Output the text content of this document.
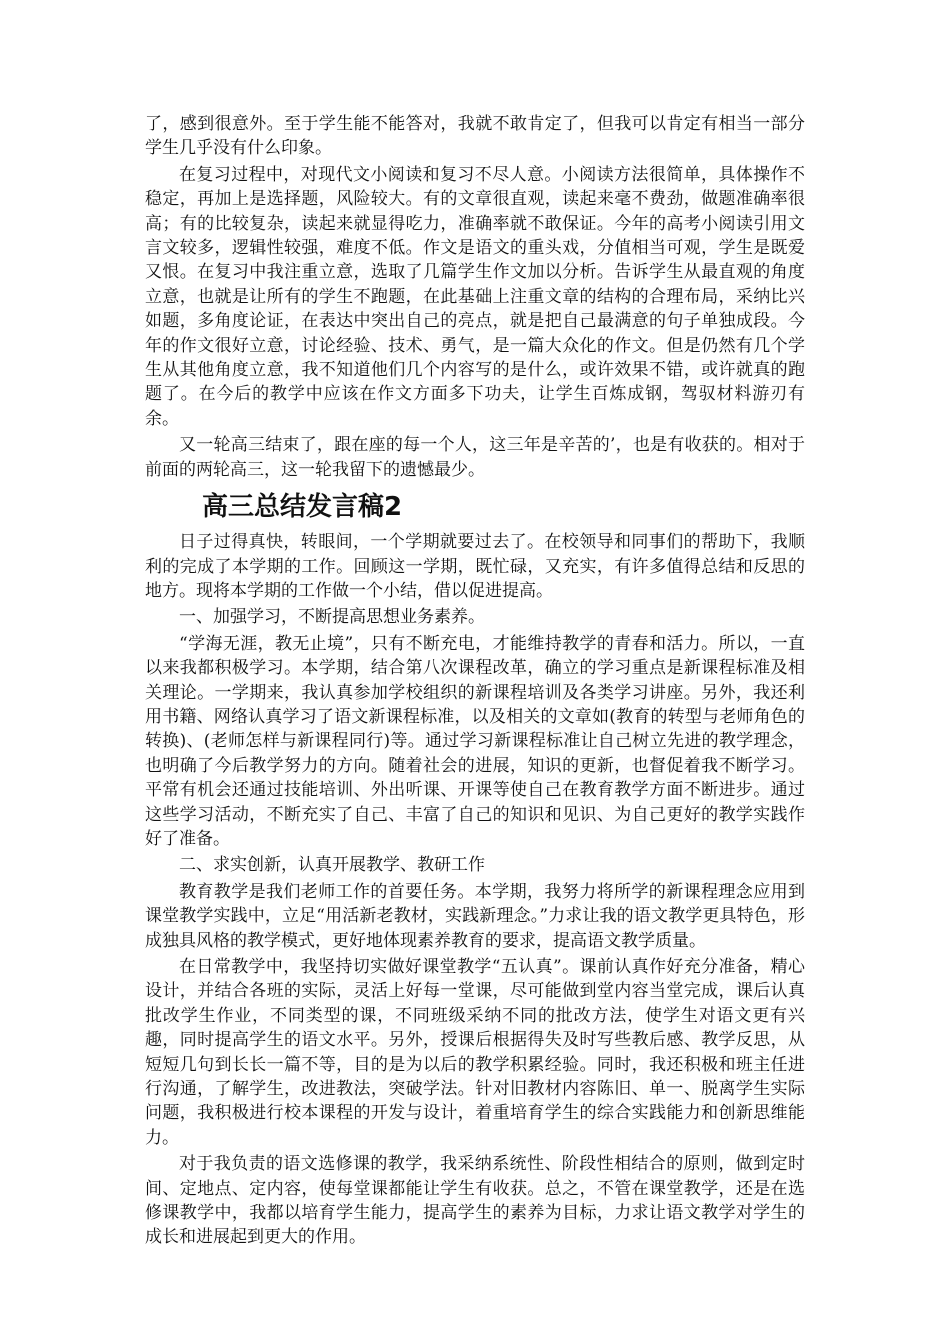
了，感到很意外。至于学生能不能答对，我就不敢肯定了，但我可以肯定有相当一部分学生几乎没有什么印象。

在复习过程中，对现代文小阅读和复习不尽人意。小阅读方法很简单，具体操作不稳定，再加上是选择题，风险较大。有的文章很直观，读起来毫不费劲，做题准确率很高；有的比较复杂，读起来就显得吃力，准确率就不敢保证。今年的高考小阅读引用文言文较多，逻辑性较强，难度不低。作文是语文的重头戏，分值相当可观，学生是既爱又恨。在复习中我注重立意，选取了几篇学生作文加以分析。告诉学生从最直观的角度立意，也就是让所有的学生不跑题，在此基础上注重文章的结构的合理布局，采纳比兴如题，多角度论证，在表达中突出自己的亮点，就是把自己最满意的句子单独成段。今年的作文很好立意，讨论经验、技术、勇气，是一篇大众化的作文。但是仍然有几个学生从其他角度立意，我不知道他们几个内容写的是什么，或许效果不错，或许就真的跑题了。在今后的教学中应该在作文方面多下功夫，让学生百炼成钢，驾驭材料游刃有余。

又一轮高三结束了，跟在座的每一个人，这三年是辛苦的’，也是有收获的。相对于前面的两轮高三，这一轮我留下的遗憾最少。

高三总结发言稿2

日子过得真快，转眼间，一个学期就要过去了。在校领导和同事们的帮助下，我顺利的完成了本学期的工作。回顾这一学期，既忙碌，又充实，有许多值得总结和反思的地方。现将本学期的工作做一个小结，借以促进提高。

一、加强学习，不断提高思想业务素养。

“学海无涯，教无止境”，只有不断充电，才能维持教学的青春和活力。所以，一直以来我都积极学习。本学期，结合第八次课程改革，确立的学习重点是新课程标准及相关理论。一学期来，我认真参加学校组织的新课程培训及各类学习讲座。另外，我还利用书籍、网络认真学习了语文新课程标准，以及相关的文章如(教育的转型与老师角色的转换)、(老师怎样与新课程同行)等。通过学习新课程标准让自己树立先进的教学理念，也明确了今后教学努力的方向。随着社会的进展，知识的更新，也督促着我不断学习。平常有机会还通过技能培训、外出听课、开课等使自己在教育教学方面不断进步。通过这些学习活动，不断充实了自己、丰富了自己的知识和见识、为自己更好的教学实践作好了准备。

二、求实创新，认真开展教学、教研工作

教育教学是我们老师工作的首要任务。本学期，我努力将所学的新课程理念应用到课堂教学实践中，立足“用活新老教材，实践新理念。”力求让我的语文教学更具特色，形成独具风格的教学模式，更好地体现素养教育的要求，提高语文教学质量。

在日常教学中，我坚持切实做好课堂教学“五认真”。课前认真作好充分准备，精心设计，并结合各班的实际，灵活上好每一堂课，尽可能做到堂内容当堂完成，课后认真批改学生作业，不同类型的课，不同班级采纳不同的批改方法，使学生对语文更有兴趣，同时提高学生的语文水平。另外，授课后根据得失及时写些教后感、教学反思，从短短几句到长长一篇不等，目的是为以后的教学积累经验。同时，我还积极和班主任进行沟通，了解学生，改进教法，突破学法。针对旧教材内容陈旧、单一、脱离学生实际问题，我积极进行校本课程的开发与设计，着重培育学生的综合实践能力和创新思维能力。

对于我负责的语文选修课的教学，我采纳系统性、阶段性相结合的原则，做到定时间、定地点、定内容，使每堂课都能让学生有收获。总之，不管在课堂教学，还是在选修课教学中，我都以培育学生能力，提高学生的素养为目标，力求让语文教学对学生的成长和进展起到更大的作用。
